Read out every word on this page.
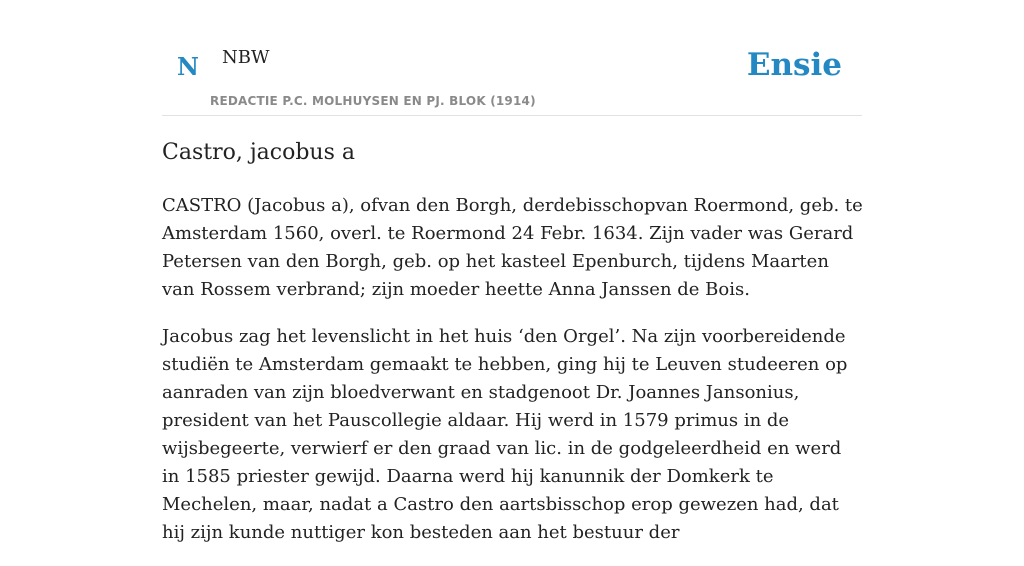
N NBW
REDACTIE P.C. MOLHUYSEN EN PJ. BLOK (1914)
Ensie
Castro, jacobus a

CASTRO (Jacobus a), ofvan den Borgh, derdebisschopvan Roermond, geb. te Amsterdam 1560, overl. te Roermond 24 Febr. 1634. Zijn vader was Gerard Petersen van den Borgh, geb. op het kasteel Epenburch, tijdens Maarten van Rossem verbrand; zijn moeder heette Anna Janssen de Bois.

Jacobus zag het levenslicht in het huis ‘den Orgel’. Na zijn voorbereidende studiën te Amsterdam gemaakt te hebben, ging hij te Leuven studeeren op aanraden van zijn bloedverwant en stadgenoot Dr. Joannes Jansonius, president van het Pauscollegie aldaar. Hij werd in 1579 primus in de wijsbegeerte, verwierf er den graad van lic. in de godgeleerdheid en werd in 1585 priester gewijd. Daarna werd hij kanunnik der Domkerk te Mechelen, maar, nadat a Castro den aartsbisschop erop gewezen had, dat hij zijn kunde nuttiger kon besteden aan het bestuur der
